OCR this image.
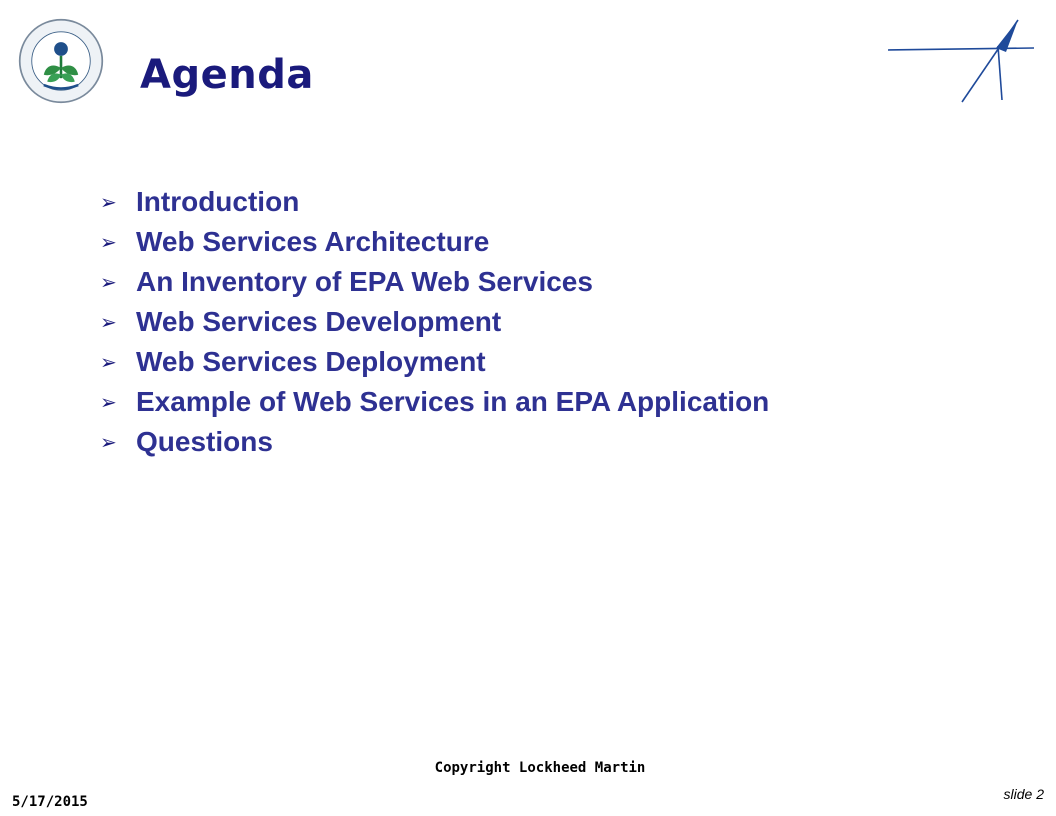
Agenda
➢ Introduction
➢ Web Services Architecture
➢ An Inventory of EPA Web Services
➢ Web Services Development
➢ Web Services Deployment
➢ Example of Web Services in an EPA Application
➢ Questions
Copyright Lockheed Martin
5/17/2015	slide 2
